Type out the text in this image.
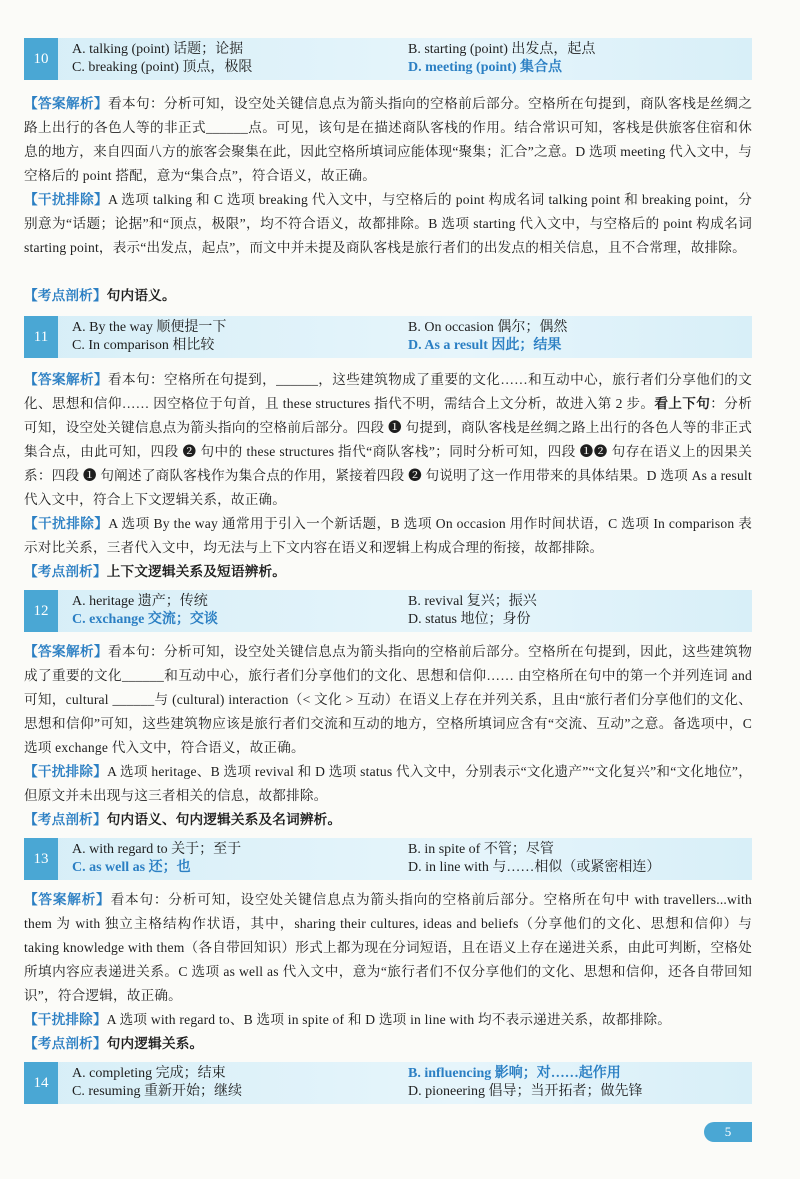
10
A. talking (point) 话题；论据	B. starting (point) 出发点，起点
C. breaking (point) 顶点，极限	D. meeting (point) 集合点
【答案解析】看本句：分析可知，设空处关键信息点为箭头指向的空格前后部分。空格所在句提到，商队客栈是丝绸之路上出行的各色人等的非正式______点。可见，该句是在描述商队客栈的作用。结合常识可知，客栈是供旅客住宿和休息的地方，来自四面八方的旅客会聚集在此，因此空格所填词应能体现“聚集；汇合”之意。D 选项 meeting 代入文中，与空格后的 point 搭配，意为“集合点”，符合语义，故正确。
【干扰排除】A 选项 talking 和 C 选项 breaking 代入文中，与空格后的 point 构成名词 talking point 和 breaking point，分别意为“话题；论据”和“顶点，极限”，均不符合语义，故都排除。B 选项 starting 代入文中，与空格后的 point 构成名词 starting point，表示“出发点，起点”，而文中并未提及商队客栈是旅行者们的出发点的相关信息，且不合常理，故排除。
【考点剖析】句内语义。
11
A. By the way 顺便提一下	B. On occasion 偶尔；偶然
C. In comparison 相比较	D. As a result 因此；结果
【答案解析】看本句：空格所在句提到，______，这些建筑物成了重要的文化……和互动中心，旅行者们分享他们的文化、思想和信仰…… 因空格位于句首，且 these structures 指代不明，需结合上文分析，故进入第 2 步。看上下句：分析可知，设空处关键信息点为箭头指向的空格前后部分。四段 ❶ 句提到，商队客栈是丝绸之路上出行的各色人等的非正式集合点，由此可知，四段 ❷ 句中的 these structures 指代“商队客栈”；同时分析可知，四段 ❶❷ 句存在语义上的因果关系：四段 ❶ 句阐述了商队客栈作为集合点的作用，紧接着四段 ❷ 句说明了这一作用带来的具体结果。D 选项 As a result 代入文中，符合上下文逻辑关系，故正确。
【干扰排除】A 选项 By the way 通常用于引入一个新话题，B 选项 On occasion 用作时间状语，C 选项 In comparison 表示对比关系，三者代入文中，均无法与上下文内容在语义和逻辑上构成合理的衔接，故都排除。
【考点剖析】上下文逻辑关系及短语辨析。
12
A. heritage 遗产；传统	B. revival 复兴；振兴
C. exchange 交流；交谈	D. status 地位；身份
【答案解析】看本句：分析可知，设空处关键信息点为箭头指向的空格前后部分。空格所在句提到，因此，这些建筑物成了重要的文化______和互动中心，旅行者们分享他们的文化、思想和信仰…… 由空格所在句中的第一个并列连词 and 可知，cultural ______与 (cultural) interaction（< 文化 > 互动）在语义上存在并列关系，且由“旅行者们分享他们的文化、思想和信仰”可知，这些建筑物应该是旅行者们交流和互动的地方，空格所填词应含有“交流、互动”之意。备选项中，C 选项 exchange 代入文中，符合语义，故正确。
【干扰排除】A 选项 heritage、B 选项 revival 和 D 选项 status 代入文中，分别表示“文化遗产”“文化复兴”和“文化地位”，但原文并未出现与这三者相关的信息，故都排除。
【考点剖析】句内语义、句内逻辑关系及名词辨析。
13
A. with regard to 关于；至于	B. in spite of 不管；尽管
C. as well as 还；也	D. in line with 与……相似（或紧密相连）
【答案解析】看本句：分析可知，设空处关键信息点为箭头指向的空格前后部分。空格所在句中 with travellers...with them 为 with 独立主格结构作状语，其中，sharing their cultures, ideas and beliefs（分享他们的文化、思想和信仰）与 taking knowledge with them（各自带回知识）形式上都为现在分词短语，且在语义上存在递进关系，由此可判断，空格处所填内容应表递进关系。C 选项 as well as 代入文中，意为“旅行者们不仅分享他们的文化、思想和信仰，还各自带回知识”，符合逻辑，故正确。
【干扰排除】A 选项 with regard to、B 选项 in spite of 和 D 选项 in line with 均不表示递进关系，故都排除。
【考点剖析】句内逻辑关系。
14
A. completing 完成；结束	B. influencing 影响；对……起作用
C. resuming 重新开始；继续	D. pioneering 倡导；当开拓者；做先锋
5
